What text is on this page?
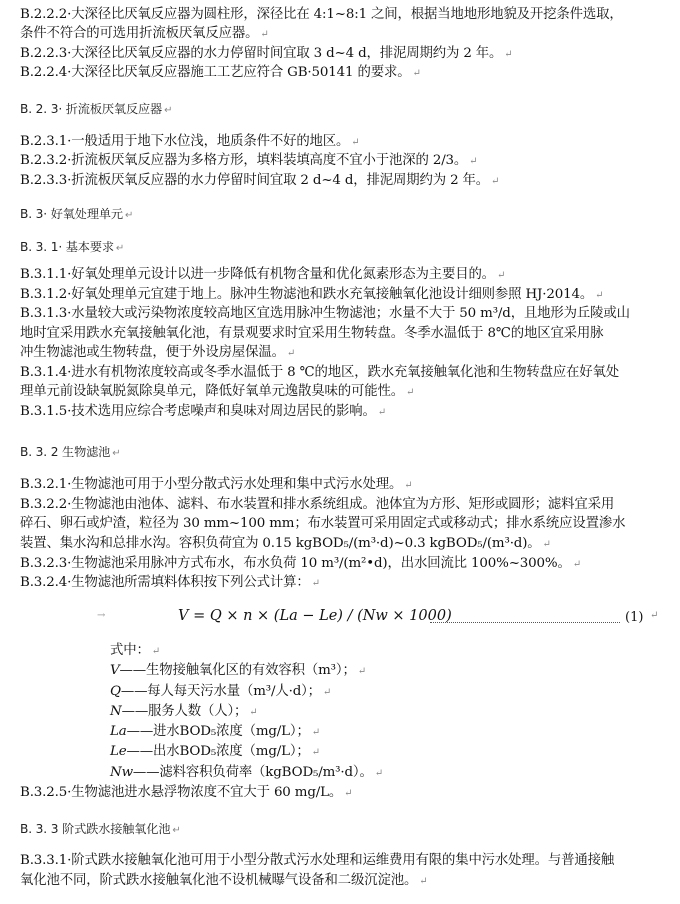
B.2.2.2·大深径比厌氧反应器为圆柱形，深径比在 4:1~8:1 之间，根据当地地形地貌及开挖条件选取，
条件不符合的可选用折流板厌氧反应器。 ↵
B.2.2.3·大深径比厌氧反应器的水力停留时间宜取 3 d~4 d，排泥周期约为 2 年。 ↵
B.2.2.4·大深径比厌氧反应器施工工艺应符合 GB·50141 的要求。 ↵
B. 2. 3· 折流板厌氧反应器 ↵
B.2.3.1·一般适用于地下水位浅，地质条件不好的地区。 ↵
B.2.3.2·折流板厌氧反应器为多格方形，填料装填高度不宜小于池深的 2/3。 ↵
B.2.3.3·折流板厌氧反应器的水力停留时间宜取 2 d~4 d，排泥周期约为 2 年。 ↵
B. 3· 好氧处理单元 ↵
B. 3. 1· 基本要求 ↵
B.3.1.1·好氧处理单元设计以进一步降低有机物含量和优化氮素形态为主要目的。 ↵
B.3.1.2·好氧处理单元宜建于地上。脉冲生物滤池和跌水充氧接触氧化池设计细则参照 HJ·2014。 ↵
B.3.1.3·水量较大或污染物浓度较高地区宜选用脉冲生物滤池；水量不大于 50 m³/d，且地形为丘陵或山
地时宜采用跌水充氧接触氧化池，有景观要求时宜采用生物转盘。冬季水温低于 8℃的地区宜采用脉
冲生物滤池或生物转盘，便于外设房屋保温。 ↵
B.3.1.4·进水有机物浓度较高或冬季水温低于 8 ℃的地区，跌水充氧接触氧化池和生物转盘应在好氧处
理单元前设缺氧脱氮除臭单元，降低好氧单元逸散臭味的可能性。 ↵
B.3.1.5·技术选用应综合考虑噪声和臭味对周边居民的影响。 ↵
B. 3. 2 生物滤池 ↵
B.3.2.1·生物滤池可用于小型分散式污水处理和集中式污水处理。 ↵
B.3.2.2·生物滤池由池体、滤料、布水装置和排水系统组成。池体宜为方形、矩形或圆形；滤料宜采用
碎石、卵石或炉渣，粒径为 30 mm~100 mm；布水装置可采用固定式或移动式；排水系统应设置渗水
装置、集水沟和总排水沟。容积负荷宜为 0.15 kgBOD₅/(m³·d)~0.3 kgBOD₅/(m³·d)。 ↵
B.3.2.3·生物滤池采用脉冲方式布水，布水负荷 10 m³/(m²•d)，出水回流比 100%~300%。 ↵
B.3.2.4·生物滤池所需填料体积按下列公式计算： ↵
→	V = Q × n × (La − Le) / (Nw × 1000)	(1) ↵
式中： ↵
V——生物接触氧化区的有效容积（m³）； ↵
Q——每人每天污水量（m³/人·d）； ↵
N——服务人数（人）； ↵
La——进水BOD₅浓度（mg/L）； ↵
Le——出水BOD₅浓度（mg/L）； ↵
Nw——滤料容积负荷率（kgBOD₅/m³·d）。 ↵
B.3.2.5·生物滤池进水悬浮物浓度不宜大于 60 mg/L。 ↵
B. 3. 3 阶式跌水接触氧化池 ↵
B.3.3.1·阶式跌水接触氧化池可用于小型分散式污水处理和运维费用有限的集中污水处理。与普通接触
氧化池不同，阶式跌水接触氧化池不设机械曝气设备和二级沉淀池。 ↵
